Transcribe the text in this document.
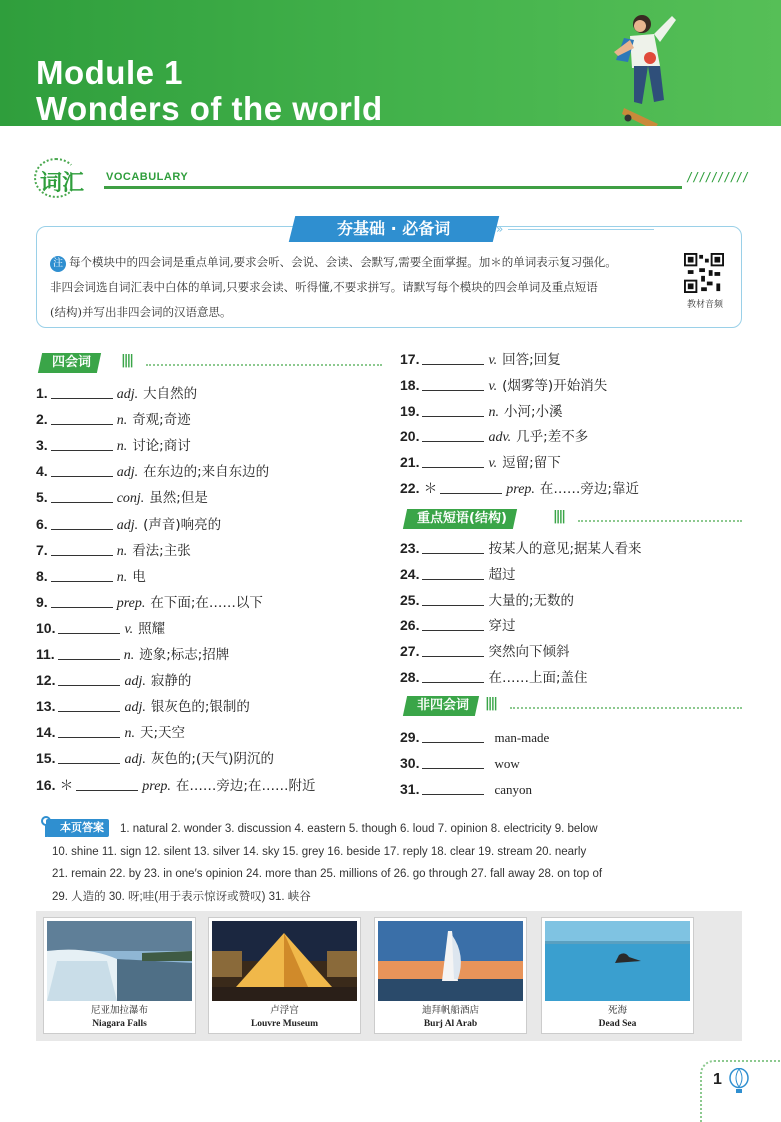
Module 1
Wonders of the world
词汇 VOCABULARY	//////////
夯基础 · 必备词	»
注 每个模块中的四会词是重点单词,要求会听、会说、会读、会默写,需要全面掌握。加＊的单词表示复习强化。
非四会词选自词汇表中白体的单词,只要求会读、听得懂,不要求拼写。请默写每个模块的四会单词及重点短语
(结构)并写出非四会词的汉语意思。	教材音频
四会词	||||
1.	adj. 大自然的
2.	n. 奇观;奇迹
3.	n. 讨论;商讨
4.	adj. 在东边的;来自东边的
5.	conj. 虽然;但是
6.	adj. (声音)响亮的
7.	n. 看法;主张
8.	n. 电
9.	prep. 在下面;在……以下
10.	v. 照耀
11.	n. 迹象;标志;招牌
12.	adj. 寂静的
13.	adj. 银灰色的;银制的
14.	n. 天;天空
15.	adj. 灰色的;(天气)阴沉的
16. ＊	prep. 在……旁边;在……附近
17.	v. 回答;回复
18.	v. (烟雾等)开始消失
19.	n. 小河;小溪
20.	adv. 几乎;差不多
21.	v. 逗留;留下
22. ＊	prep. 在……旁边;靠近
重点短语(结构)	||||
23.	按某人的意见;据某人看来
24.	超过
25.	大量的;无数的
26.	穿过
27.	突然向下倾斜
28.	在……上面;盖住
非四会词	||||
29.	man-made
30.	wow
31.	canyon
1. natural 2. wonder 3. discussion 4. eastern 5. though 6. loud 7. opinion 8. electricity 9. below
10. shine 11. sign 12. silent 13. silver 14. sky 15. grey 16. beside 17. reply 18. clear 19. stream 20. nearly
21. remain 22. by 23. in one′s opinion 24. more than 25. millions of 26. go through 27. fall away 28. on top of
29. 人造的 30. 呀;哇(用于表示惊讶或赞叹) 31. 峡谷
本页答案
尼亚加拉瀑布
Niagara Falls
卢浮宫
Louvre Museum
迪拜帆船酒店
Burj Al Arab
死海
Dead Sea
1
